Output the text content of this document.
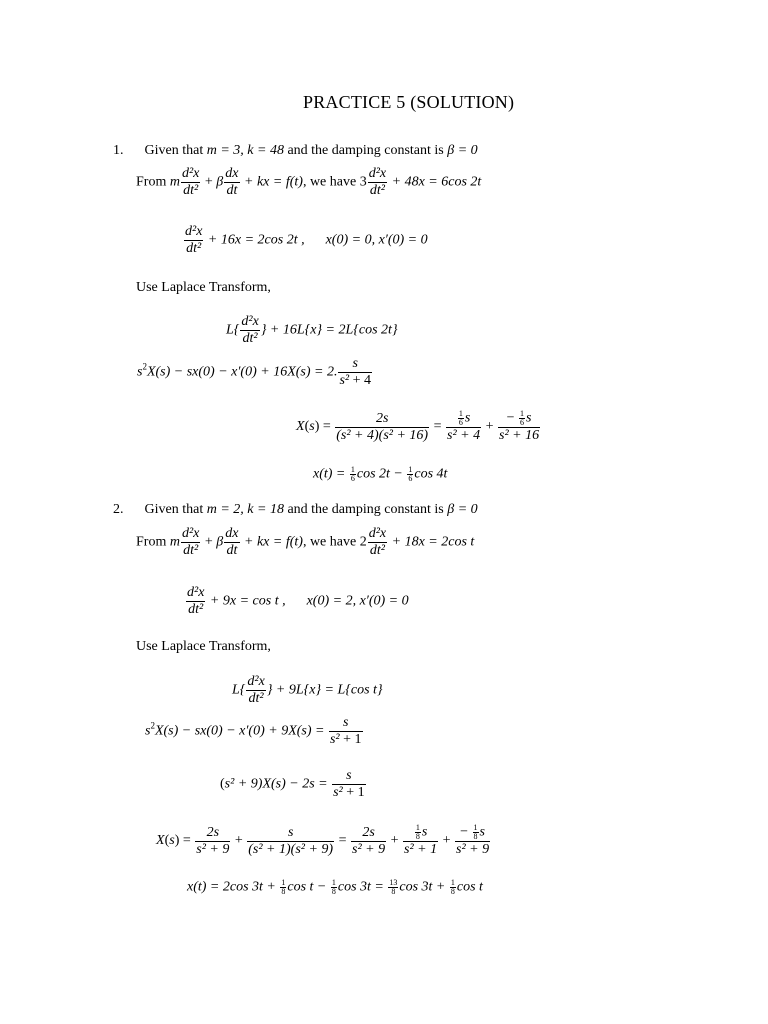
PRACTICE 5 (SOLUTION)
1. Given that m = 3, k = 48 and the damping constant is β = 0
From m $\frac{\text{d²x}}{\text{dt²}} + \beta \frac{dx}{dt}$ + kx = f(t), we have $3 \frac{\text{d²x}}{\text{dt²}} + 48x = 6\cos$ 2t
$\frac{\text{d²x}}{\text{dt²}} + 16x = 2\cos$ 2t , x(0) = 0, x′(0) = 0
Use Laplace Transform,
$L\{ \frac{\text{d²x}}{\text{dt²}}$ } + 16L{x} = 2L{cos 2t}
$s^2X(s) - sx(0) - x'(0) + 16X(s) = 2$. $\frac{s}{\text{s² + 4}}$
$X(s) = \frac{2s}{\text{(s² + 4)(s² + 16)}} = \frac{\frac{1}{6} s}{\text{s² + 4}} + \frac{- \frac{1}{6} s}{\text{s² + 16}}$
$x(t) = \frac{1}{6}$ $\cos 2t - \frac{1}{6}$ cos 4t
2. Given that m = 2, k = 18 and the damping constant is β = 0
From m $\frac{\text{d²x}}{\text{dt²}} + \beta \frac{dx}{dt}$ + kx = f(t), we have $2 \frac{\text{d²x}}{\text{dt²}} + 18x = 2\cos$ t
$\frac{\text{d²x}}{\text{dt²}} + 9x = \cos t$ , x(0) = 2, x′(0) = 0
Use Laplace Transform,
$L\{ \frac{\text{d²x}}{\text{dt²}}$ } + 9L{x} = L{cos t}
$s^2X(s) - sx(0) - x'(0) + 9X(s) = \frac{s}{\text{s² + 1}}$
$(s^2 + 9)X(s) - 2s = \frac{s}{\text{s² + 1}}$
$X(s) = \frac{2s}{\text{s² + 9}} + \frac{s}{\text{(s² + 1)(s² + 9)}} = \frac{2s}{\text{s² + 9}} + \frac{\frac{1}{8} s}{\text{s² + 1}} + \frac{- \frac{1}{8} s}{\text{s² + 9}}$
x(t) = 2cos $3t + \frac{1}{8}$ $\cos t - \frac{1}{8}$ $\cos 3t = \frac{13}{8}$ $\cos 3t + \frac{1}{8}$ cos t
